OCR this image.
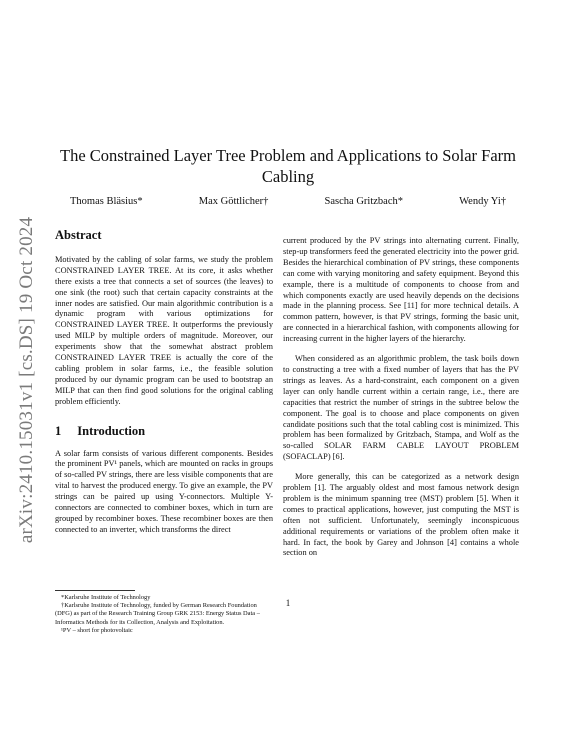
arXiv:2410.15031v1 [cs.DS] 19 Oct 2024
The Constrained Layer Tree Problem and Applications to Solar Farm Cabling
Thomas Bläsius*	Max Göttlicher†	Sascha Gritzbach*	Wendy Yi†
Abstract

Motivated by the cabling of solar farms, we study the problem CONSTRAINED LAYER TREE. At its core, it asks whether there exists a tree that connects a set of sources (the leaves) to one sink (the root) such that certain capacity constraints at the inner nodes are satisfied. Our main algorithmic contribution is a dynamic program with various optimizations for CONSTRAINED LAYER TREE. It outperforms the previously used MILP by multiple orders of magnitude. Moreover, our experiments show that the somewhat abstract problem CONSTRAINED LAYER TREE is actually the core of the cabling problem in solar farms, i.e., the feasible solution produced by our dynamic program can be used to bootstrap an MILP that can then find good solutions for the original cabling problem efficiently.

1 Introduction

A solar farm consists of various different components. Besides the prominent PV¹ panels, which are mounted on racks in groups of so-called PV strings, there are less visible components that are vital to harvest the produced energy. To give an example, the PV strings can be paired up using Y-connectors. Multiple Y-connectors are connected to combiner boxes, which in turn are grouped by recombiner boxes. These recombiner boxes are then connected to an inverter, which transforms the direct

current produced by the PV strings into alternating current. Finally, step-up transformers feed the generated electricity into the power grid. Besides the hierarchical combination of PV strings, these components can come with varying monitoring and safety equipment. Beyond this example, there is a multitude of components to choose from and which components exactly are used heavily depends on the decisions made in the planning process. See [11] for more technical details. A common pattern, however, is that PV strings, forming the basic unit, are connected in a hierarchical fashion, with components allowing for increasing current in the higher layers of the hierarchy.

When considered as an algorithmic problem, the task boils down to constructing a tree with a fixed number of layers that has the PV strings as leaves. As a hard-constraint, each component on a given layer can only handle current within a certain range, i.e., there are capacities that restrict the number of strings in the subtree below the component. The goal is to choose and place components on given candidate positions such that the total cabling cost is minimized. This problem has been formalized by Gritzbach, Stampa, and Wolf as the so-called SOLAR FARM CABLE LAYOUT PROBLEM (SOFACLAP) [6].

More generally, this can be categorized as a network design problem [1]. The arguably oldest and most famous network design problem is the minimum spanning tree (MST) problem [5]. When it comes to practical applications, however, just computing the MST is often not sufficient. Unfortunately, seemingly inconspicuous additional requirements or variations of the problem often make it hard. In fact, the book by Garey and Johnson [4] contains a whole section on

*Karlsruhe Institute of Technology
†Karlsruhe Institute of Technology, funded by German Research Foundation (DFG) as part of the Research Training Group GRK 2153: Energy Status Data – Informatics Methods for its Collection, Analysis and Exploitation.
¹PV – short for photovoltaic
1
